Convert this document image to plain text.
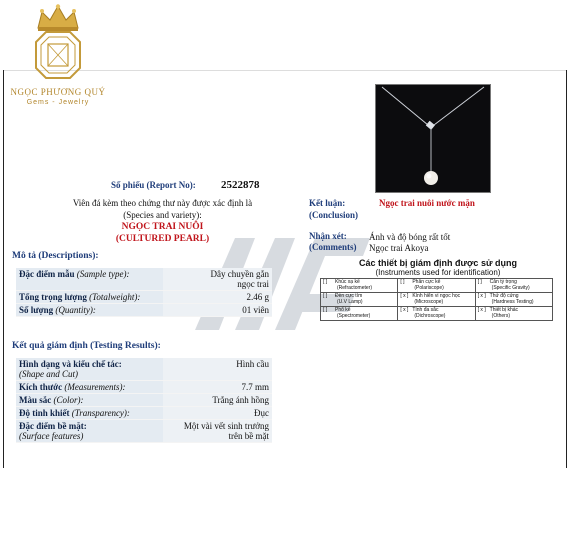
NGỌC PHƯƠNG QUÝ
Gems - Jewelry
Số phiếu (Report No): 2522878
Viên đá kèm theo chứng thư này được xác định là
(Species and variety):
NGỌC TRAI NUÔI
(CULTURED PEARL)
Mô tả (Descriptions):
Đặc điểm mẫu (Sample type):	Dây chuyền gắn
ngọc trai
Tổng trọng lượng (Totalweight):	2.46 g
Số lượng (Quantity):	01 viên
Kết quả giám định (Testing Results):
Hình dạng và kiểu chế tác:
(Shape and Cut)	Hình cầu
Kích thước (Measurements):	7.7 mm
Màu sắc (Color):	Trắng ánh hồng
Độ tinh khiết (Transparency):	Đục
Đặc điểm bề mặt:
(Surface features)	Một vài vết sinh trưởng
trên bề mặt
Kết luận:
(Conclusion)
Ngọc trai nuôi nước mặn
Nhận xét:
(Comments)
Ánh và độ bóng rất tốt
Ngọc trai Akoya
Các thiết bị giám định được sử dụng
(Instruments used for identification)
[ ] Khúc xạ kế
(Refractometer)	[ ] Phân cực kế
(Polariscope)	[ ] Cân tỷ trọng
(Specific Gravity)

[ ] Đèn cực tím
(U.V Lamp)	[ x ] Kính hiển vi ngọc học
(Microscope)	[ x ] Thử độ cứng
(Hardness Testing)

[ ] Phổ kế
(Spectrometer)	[ x ] Tính đa sắc
(Dichroscope)	[ x ] Thiết bị khác
(Others)
